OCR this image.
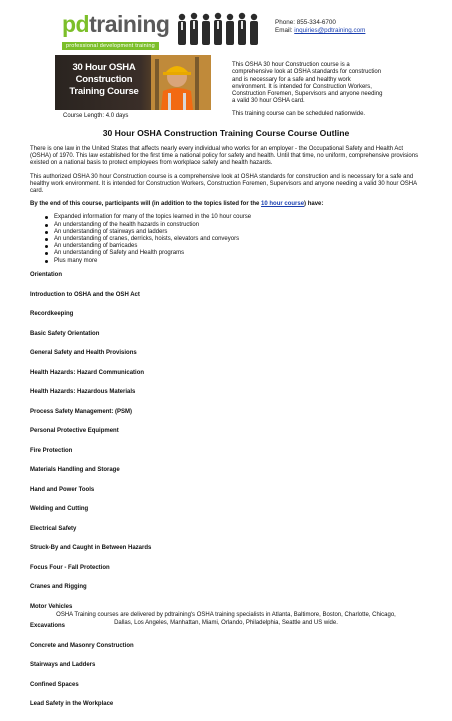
pdtraining
professional development training
Phone: 855-334-6700
Email: inquiries@pdtraining.com
30 Hour OSHA
Construction
Training Course
Course Length: 4.0 days

This OSHA 30 hour Construction course is a comprehensive look at OSHA standards for construction and is necessary for a safe and healthy work environment. It is intended for Construction Workers, Construction Foremen, Supervisors and anyone needing a valid 30 hour OSHA card.

This training course can be scheduled nationwide.

30 Hour OSHA Construction Training Course Course Outline

There is one law in the United States that affects nearly every individual who works for an employer - the Occupational Safety and Health Act (OSHA) of 1970. This law established for the first time a national policy for safety and health. Until that time, no uniform, comprehensive provisions existed on a national basis to protect employees from workplace safety and health hazards.

This authorized OSHA 30 hour Construction course is a comprehensive look at OSHA standards for construction and is necessary for a safe and healthy work environment. It is intended for Construction Workers, Construction Foremen, Supervisors and anyone needing a valid 30 hour OSHA card.

By the end of this course, participants will (in addition to the topics listed for the 10 hour course) have:

Expanded information for many of the topics learned in the 10 hour course
An understanding of the health hazards in construction
An understanding of stairways and ladders
An understanding of cranes, derricks, hoists, elevators and conveyors
An understanding of barricades
An understanding of Safety and Health programs
Plus many more
Orientation
Introduction to OSHA and the OSH Act
Recordkeeping
Basic Safety Orientation
General Safety and Health Provisions
Health Hazards: Hazard Communication
Health Hazards: Hazardous Materials
Process Safety Management: (PSM)
Personal Protective Equipment
Fire Protection
Materials Handling and Storage
Hand and Power Tools
Welding and Cutting
Electrical Safety
Struck-By and Caught in Between Hazards
Focus Four - Fall Protection
Cranes and Rigging
Motor Vehicles
Excavations
Concrete and Masonry Construction
Stairways and Ladders
Confined Spaces
Lead Safety in the Workplace
OSHA Training courses are delivered by pdtraining's OSHA training specialists in Atlanta, Baltimore, Boston, Charlotte, Chicago,
Dallas, Los Angeles, Manhattan, Miami, Orlando, Philadelphia, Seattle and US wide.
